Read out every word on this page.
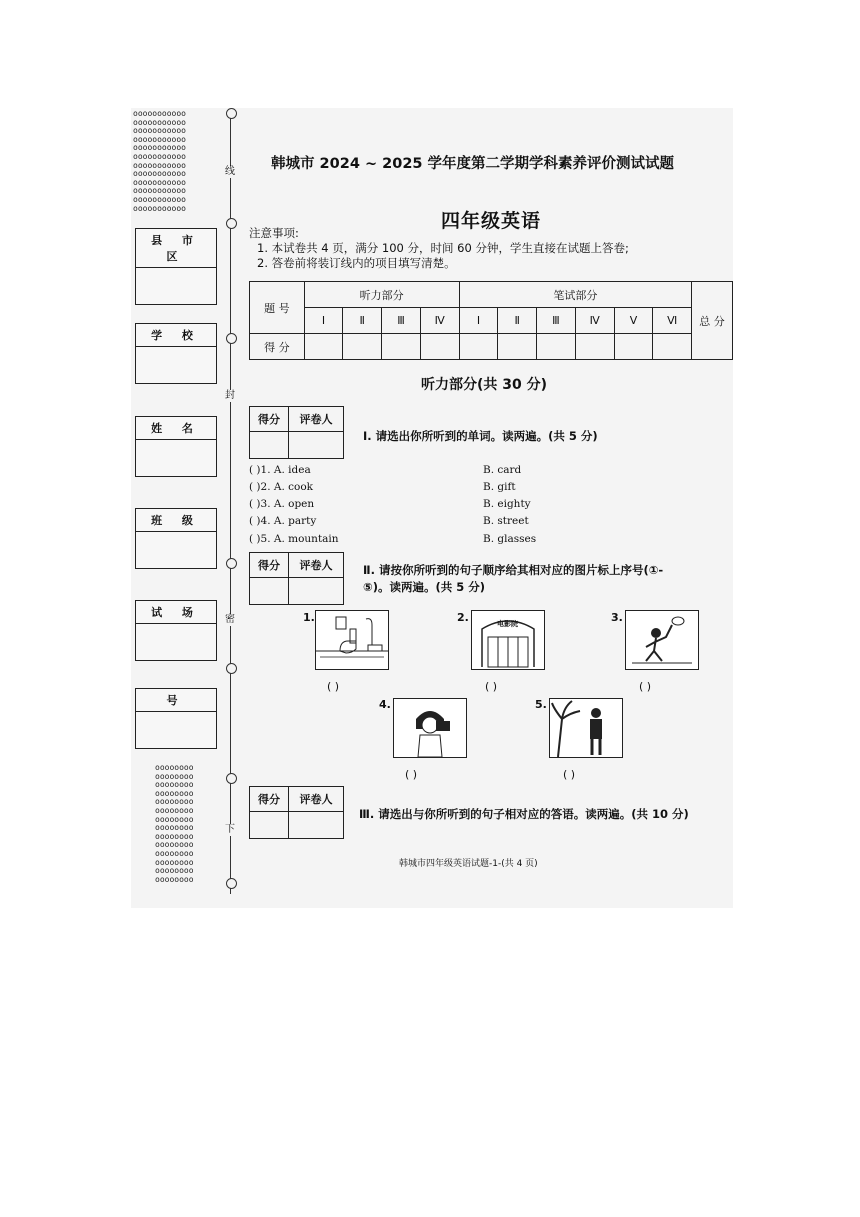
ooooooooooo
ooooooooooo
ooooooooooo
ooooooooooo
ooooooooooo
ooooooooooo
ooooooooooo
ooooooooooo
ooooooooooo
ooooooooooo
ooooooooooo
ooooooooooo
oooooooo
oooooooo
oooooooo
oooooooo
oooooooo
oooooooo
oooooooo
oooooooo
oooooooo
oooooooo
oooooooo
oooooooo
oooooooo
oooooooo
线
封
密
下
县 市 区
学 校
姓 名
班 级
试 场
号
韩城市 2024 ~ 2025 学年度第二学期学科素养评价测试试题
四年级英语
注意事项:
1. 本试卷共 4 页，满分 100 分，时间 60 分钟，学生直接在试题上答卷;
2. 答卷前将装订线内的项目填写清楚。
题 号	听力部分				笔试部分						总 分
	Ⅰ	Ⅱ	Ⅲ	Ⅳ	Ⅰ	Ⅱ	Ⅲ	Ⅳ	Ⅴ	Ⅵ	
得 分											
听力部分(共 30 分)
得分	评卷人

Ⅰ. 请选出你所听到的单词。读两遍。(共 5 分)
( )1. A. idea	B. card
( )2. A. cook	B. gift
( )3. A. open	B. eighty
( )4. A. party	B. street
( )5. A. mountain	B. glasses
得分	评卷人
		Ⅱ. 请按你所听到的句子顺序给其相对应的图片标上序号(①-
⑤)。读两遍。(共 5 分)
1.
( )
2.	电影院
( )
3.
( )
4.
( )
5.
( )
得分	评卷人

Ⅲ. 请选出与你所听到的句子相对应的答语。读两遍。(共 10 分)
韩城市四年级英语试题-1-(共 4 页)
